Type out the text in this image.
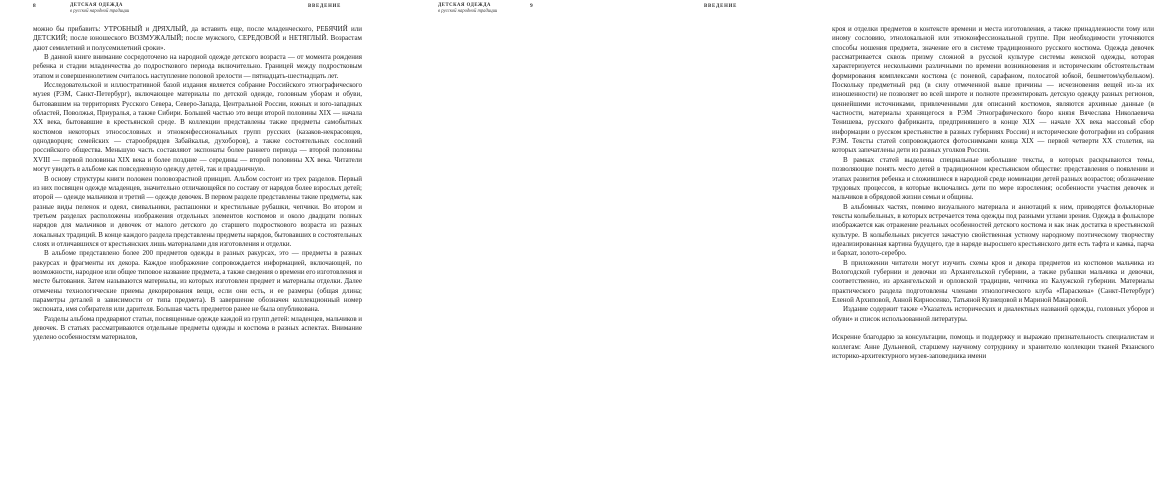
8	ДЕТСКАЯ ОДЕЖДА
в русской народной традиции
ВВЕДЕНИЕ

можно бы прибавить: УТРОБНЫЙ и ДРЯХЛЫЙ, да вставить еще, после младенческого, РЕБЯЧИЙ или ДЕТСКИЙ; после юношеского ВОЗМУЖАЛЫЙ; после мужского, СЕРЕДОВОЙ и НЕТЯГЛЫЙ. Возрастам дают семилетний и полусемилетний сроки».

В данной книге внимание сосредоточено на народной одежде детского возраста — от момента рождения ребенка и стадии младенчества до подросткового периода включительно. Границей между подростковым этапом и совершеннолетием считалось наступление половой зрелости — пятнадцать-шестнадцать лет.

Исследовательской и иллюстративной базой издания является собрание Российского этнографического музея (РЭМ, Санкт-Петербург), включающее материалы по детской одежде, головным уборам и обуви, бытовавшим на территориях Русского Севера, Северо-Запада, Центральной России, южных и юго-западных областей, Поволжья, Приуралья, а также Сибири. Большей частью это вещи второй половины XIX — начала XX века, бытовавшие в крестьянской среде. В коллекции представлены также предметы самобытных костюмов некоторых этносословных и этноконфессиональных групп русских (казаков-некрасовцев, однодворцев; семейских — старообрядцев Забайкалья, духоборов), а также состоятельных сословий российского общества. Меньшую часть составляют экспонаты более раннего периода — второй половины XVIII — первой половины XIX века и более поздние — середины — второй половины XX века. Читатели могут увидеть в альбоме как повседневную одежду детей, так и праздничную.

В основу структуры книги положен половозрастной принцип. Альбом состоит из трех разделов. Первый из них посвящен одежде младенцев, значительно отличающейся по составу от нарядов более взрослых детей; второй — одежде мальчиков и третий — одежде девочек. В первом разделе представлены такие предметы, как разные виды пеленок и одеял, свивальники, распашонки и крестильные рубашки, чепчики. Во втором и третьем разделах расположены изображения отдельных элементов костюмов и около двадцати полных нарядов для мальчиков и девочек от малого детского до старшего подросткового возраста из разных локальных традиций. В конце каждого раздела представлены предметы нарядов, бытовавших в состоятельных слоях и отличавшихся от крестьянских лишь материалами для изготовления и отделки.

В альбоме представлено более 200 предметов одежды в разных ракурсах, это — предметы в разных ракурсах и фрагменты их декора. Каждое изображение сопровождается информацией, включающей, по возможности, народное или общее типовое название предмета, а также сведения о времени его изготовления и месте бытования. Затем называются материалы, из которых изготовлен предмет и материалы отделки. Далее отмечены технологические приемы декорирования вещи, если они есть, и ее размеры (общая длина; параметры деталей в зависимости от типа предмета). В завершение обозначен коллекционный номер экспоната, имя собирателя или дарителя. Большая часть предметов ранее не была опубликована.

Разделы альбома предваряют статьи, посвященные одежде каждой из групп детей: младенцев, мальчиков и девочек. В статьях рассматриваются отдельные предметы одежды и костюма в разных аспектах. Внимание уделено особенностям материалов,

ДЕТСКАЯ ОДЕЖДА
в русской народной традиции
9	ВВЕДЕНИЕ

кроя и отделки предметов в контексте времени и места изготовления, а также принадлежности тому или иному сословию, этнолокальной или этноконфессиональной группе. При необходимости уточняются способы ношения предмета, значение его в системе традиционного русского костюма. Одежда девочек рассматривается сквозь призму сложной в русской культуре системы женской одежды, которая характеризуется несколькими различными по времени возникновения и историческим обстоятельствам формирования комплексами костюма (с поневой, сарафаном, полосатой юбкой, бешметом/кубельком). Поскольку предметный ряд (в силу отмеченной выше причины — исчезновения вещей из-за их изношенности) не позволяет во всей широте и полноте презентировать детскую одежду разных регионов, ценнейшими источниками, привлеченными для описаний костюмов, являются архивные данные (в частности, материалы хранящегося в РЭМ Этнографического бюро князя Вячеслава Николаевича Тенишева, русского фабриканта, предпринявшего в конце XIX — начале XX века массовый сбор информации о русском крестьянстве в разных губерниях России) и исторические фотографии из собрания РЭМ. Тексты статей сопровождаются фотоснимками конца XIX — первой четверти XX столетия, на которых запечатлены дети из разных уголков России.

В рамках статей выделены специальные небольшие тексты, в которых раскрываются темы, позволяющие понять место детей в традиционном крестьянском обществе: представления о появлении и этапах развития ребенка и сложившиеся в народной среде номинации детей разных возрастов; обозначение трудовых процессов, в которые включались дети по мере взросления; особенности участия девочек и мальчиков в обрядовой жизни семьи и общины.

В альбомных частях, помимо визуального материала и аннотаций к ним, приводятся фольклорные тексты колыбельных, в которых встречается тема одежды под разными углами зрения. Одежда в фольклоре изображается как отражение реальных особенностей детского костюма и как знак достатка в крестьянской культуре. В колыбельных рисуется зачастую свойственная устному народному поэтическому творчеству идеализированная картина будущего, где в наряде выросшего крестьянского дитя есть тафта и камка́, парча и бархат, золото-серебро.

В приложении читатели могут изучить схемы кроя и декора предметов из костюмов мальчика из Вологодской губернии и девочки из Архангельской губернии, а также рубашки мальчика и девочки, соответственно, из архангельской и орловской традиции, чепчика из Калужской губернии. Материалы практического раздела подготовлены членами этнологического клуба «Параскева» (Санкт-Петербург) Еленой Архиповой, Анной Кирносенко, Татьяной Кузнецовой и Мариной Макаровой.

Издание содержит также «Указатель исторических и диалектных названий одежды, головных уборов и обуви» и список использованной литературы.

Искренне благодарю за консультации, помощь и поддержку и выражаю признательность специалистам и коллегам: Анне Дульневой, старшему научному сотруднику и хранителю коллекции тканей Рязанского историко-архитектурного музея-заповедника имени
